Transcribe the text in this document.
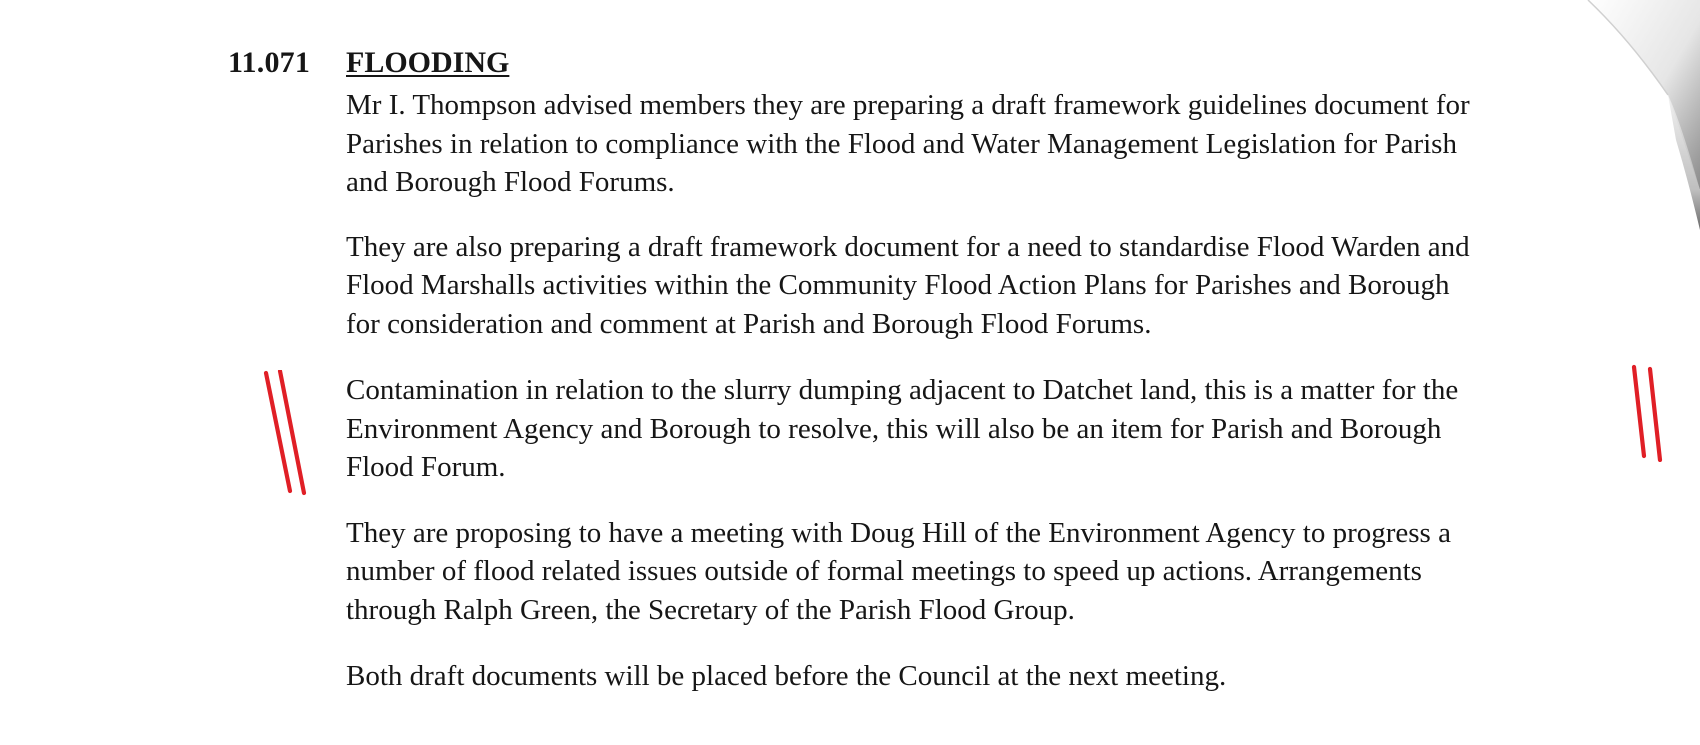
11.071 FLOODING

Mr I. Thompson advised members they are preparing a draft framework guidelines document for
Parishes in relation to compliance with the Flood and Water Management Legislation for Parish
and Borough Flood Forums.

They are also preparing a draft framework document for a need to standardise Flood Warden and
Flood Marshalls activities within the Community Flood Action Plans for Parishes and Borough
for consideration and comment at Parish and Borough Flood Forums.

Contamination in relation to the slurry dumping adjacent to Datchet land, this is a matter for the
Environment Agency and Borough to resolve, this will also be an item for Parish and Borough
Flood Forum.

They are proposing to have a meeting with Doug Hill of the Environment Agency to progress a
number of flood related issues outside of formal meetings to speed up actions. Arrangements
through Ralph Green, the Secretary of the Parish Flood Group.

Both draft documents will be placed before the Council at the next meeting.
